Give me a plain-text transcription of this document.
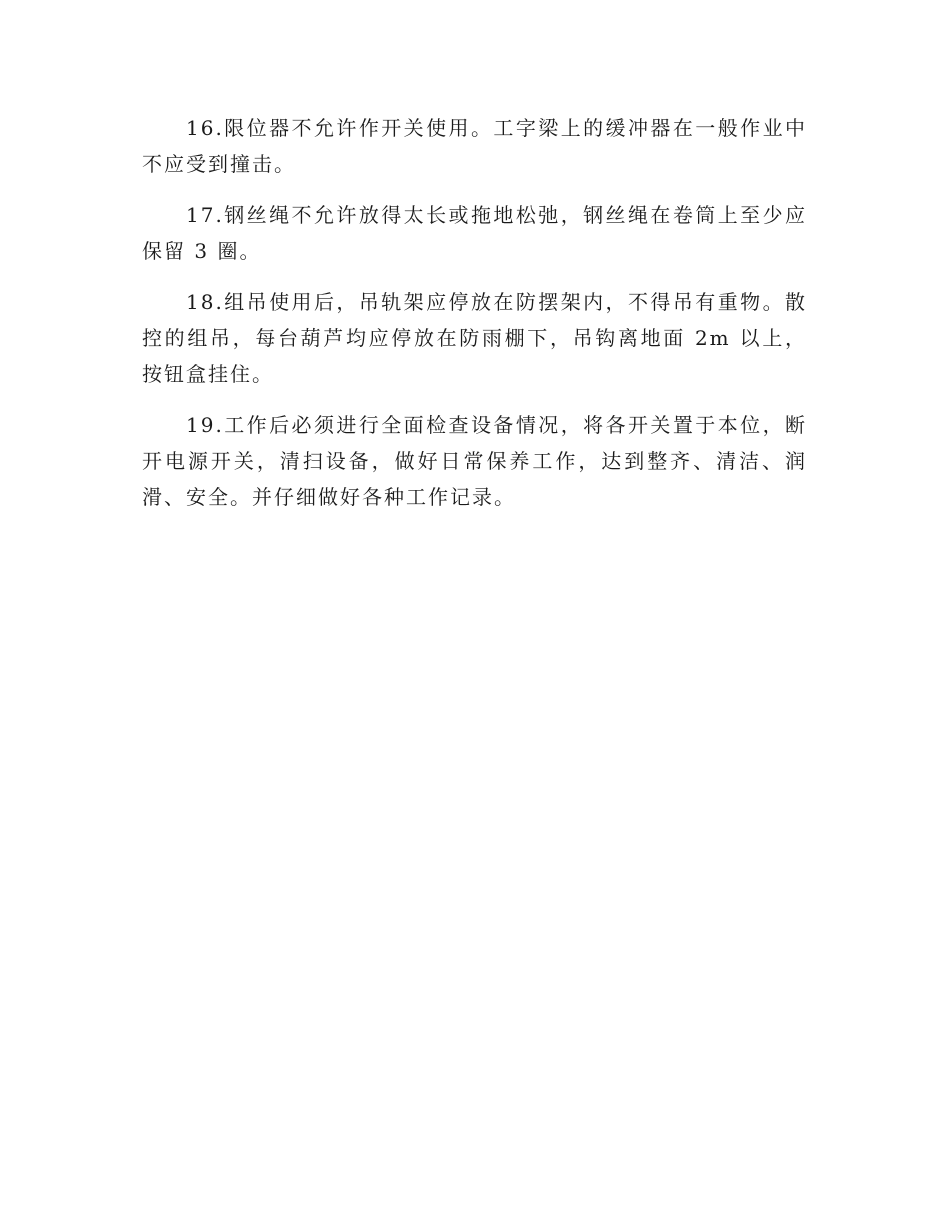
16.限位器不允许作开关使用。工字梁上的缓冲器在一般作业中不应受到撞击。

17.钢丝绳不允许放得太长或拖地松弛，钢丝绳在卷筒上至少应保留 3 圈。

18.组吊使用后，吊轨架应停放在防摆架内，不得吊有重物。散控的组吊，每台葫芦均应停放在防雨棚下，吊钩离地面 2m 以上，按钮盒挂住。

19.工作后必须进行全面检查设备情况，将各开关置于本位，断开电源开关，清扫设备，做好日常保养工作，达到整齐、清洁、润滑、安全。并仔细做好各种工作记录。
